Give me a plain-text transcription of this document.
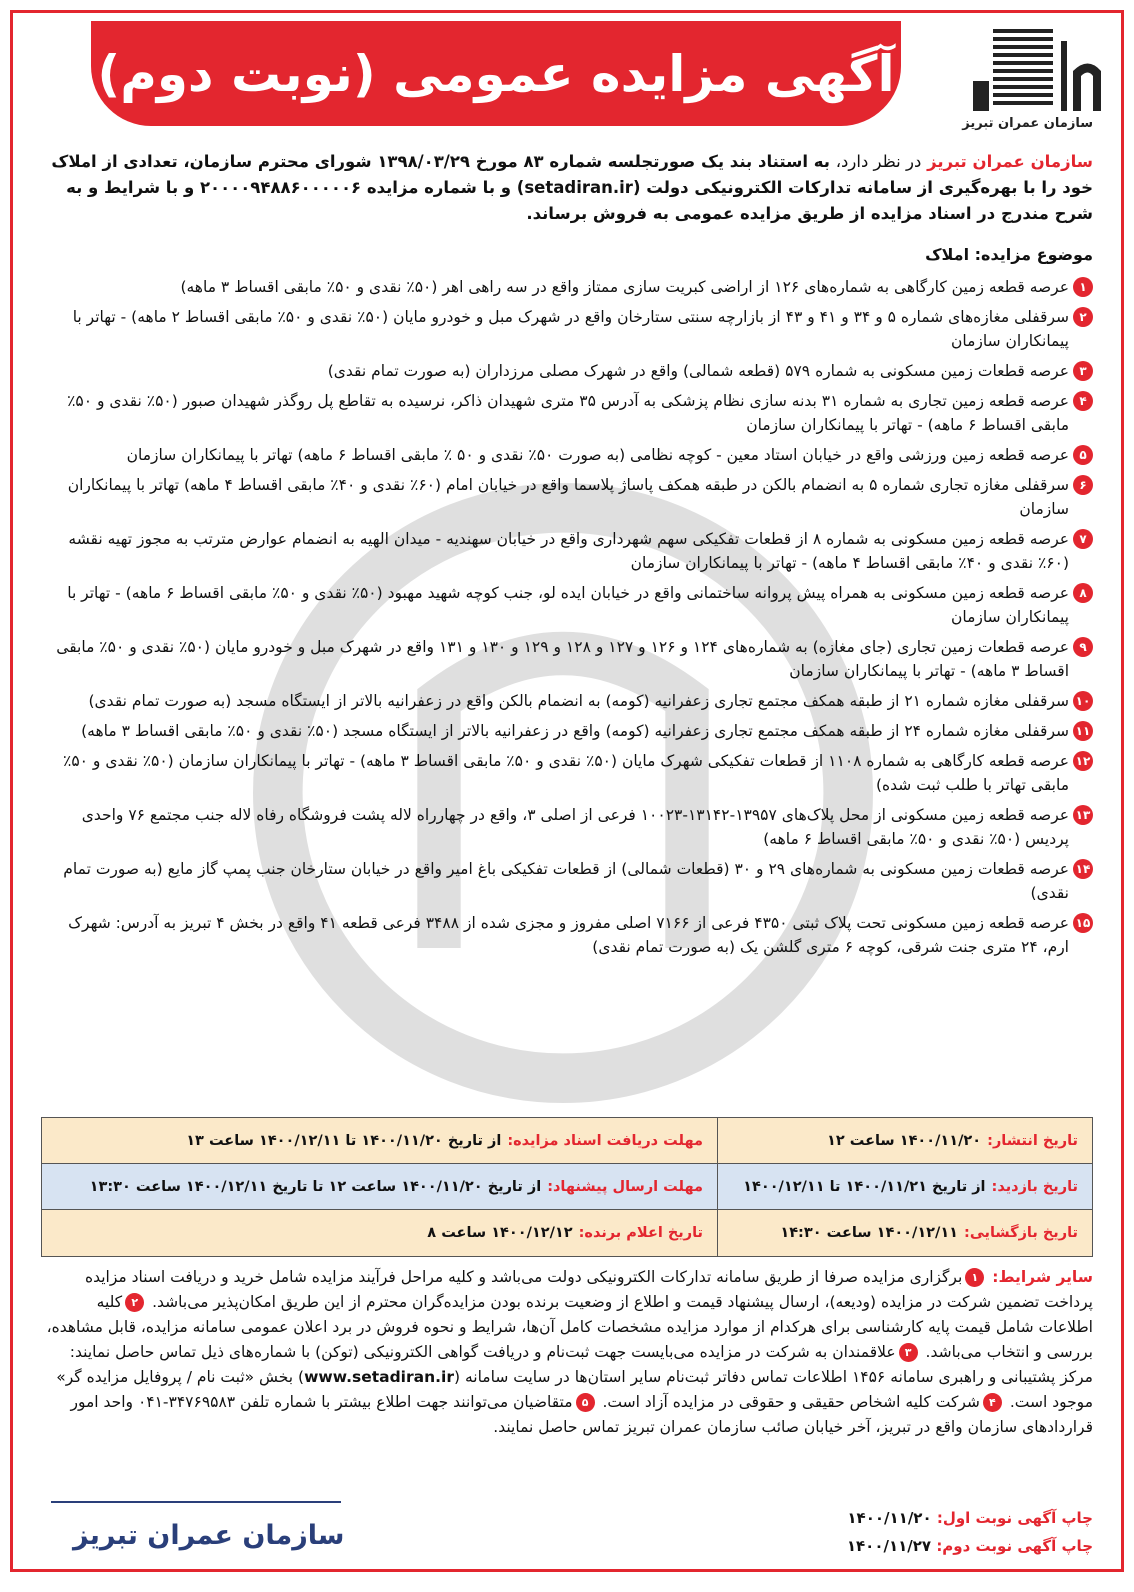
آگهی مزایده عمومی (نوبت دوم)
سازمان عمران تبریز
سازمان عمران تبریز در نظر دارد، به استناد بند یک صورتجلسه شماره ۸۳ مورخ ۱۳۹۸/۰۳/۲۹ شورای محترم سازمان، تعدادی از املاک خود را با بهره‌گیری از سامانه تدارکات الکترونیکی دولت (setadiran.ir) و با شماره مزایده ۲۰۰۰۰۹۴۸۸۶۰۰۰۰۰۶ و با شرایط و به شرح مندرج در اسناد مزایده از طریق مزایده عمومی به فروش برساند.
موضوع مزایده: املاک
۱
عرصه قطعه زمین کارگاهی به شماره‌های ۱۲۶ از اراضی کبریت سازی ممتاز واقع در سه راهی اهر (۵۰٪ نقدی و ۵۰٪ مابقی اقساط ۳ ماهه)
۲
سرقفلی مغازه‌های شماره ۵ و ۳۴ و ۴۱ و ۴۳ از بازارچه سنتی ستارخان واقع در شهرک مبل و خودرو مایان (۵۰٪ نقدی و ۵۰٪ مابقی اقساط ۲ ماهه) - تهاتر با پیمانکاران سازمان
۳
عرصه قطعات زمین مسکونی به شماره ۵۷۹ (قطعه شمالی) واقع در شهرک مصلی مرزداران (به صورت تمام نقدی)
۴
عرصه قطعه زمین تجاری به شماره ۳۱ بدنه سازی نظام پزشکی به آدرس ۳۵ متری شهیدان ذاکر، نرسیده به تقاطع پل روگذر شهیدان صبور (۵۰٪ نقدی و ۵۰٪ مابقی اقساط ۶ ماهه) - تهاتر با پیمانکاران سازمان
۵
عرصه قطعه زمین ورزشی واقع در خیابان استاد معین - کوچه نظامی (به صورت ۵۰٪ نقدی و ۵۰ ٪ مابقی اقساط ۶ ماهه) تهاتر با پیمانکاران سازمان
۶
سرقفلی مغازه تجاری شماره ۵ به انضمام بالکن در طبقه همکف پاساژ پلاسما واقع در خیابان امام (۶۰٪ نقدی و ۴۰٪ مابقی اقساط ۴ ماهه) تهاتر با پیمانکاران سازمان
۷
عرصه قطعه زمین مسکونی به شماره ۸ از قطعات تفکیکی سهم شهرداری واقع در خیابان سهندیه - میدان الهیه به انضمام عوارض مترتب به مجوز تهیه نقشه (۶۰٪ نقدی و ۴۰٪ مابقی اقساط ۴ ماهه) - تهاتر با پیمانکاران سازمان
۸
عرصه قطعه زمین مسکونی به همراه پیش پروانه ساختمانی واقع در خیابان ایده لو، جنب کوچه شهید مهبود (۵۰٪ نقدی و ۵۰٪ مابقی اقساط ۶ ماهه) - تهاتر با پیمانکاران سازمان
۹
عرصه قطعات زمین تجاری (جای مغازه) به شماره‌های ۱۲۴ و ۱۲۶ و ۱۲۷ و ۱۲۸ و ۱۲۹ و ۱۳۰ و ۱۳۱ واقع در شهرک مبل و خودرو مایان (۵۰٪ نقدی و ۵۰٪ مابقی اقساط ۳ ماهه) - تهاتر با پیمانکاران سازمان
۱۰
سرقفلی مغازه شماره ۲۱ از طبقه همکف مجتمع تجاری زعفرانیه (کومه) به انضمام بالکن واقع در زعفرانیه بالاتر از ایستگاه مسجد (به صورت تمام نقدی)
۱۱
سرقفلی مغازه شماره ۲۴ از طبقه همکف مجتمع تجاری زعفرانیه (کومه) واقع در زعفرانیه بالاتر از ایستگاه مسجد (۵۰٪ نقدی و ۵۰٪ مابقی اقساط ۳ ماهه)
۱۲
عرصه قطعه کارگاهی به شماره ۱۱۰۸ از قطعات تفکیکی شهرک مایان (۵۰٪ نقدی و ۵۰٪ مابقی اقساط ۳ ماهه) - تهاتر با پیمانکاران سازمان (۵۰٪ نقدی و ۵۰٪ مابقی تهاتر با طلب ثبت شده)
۱۳
عرصه قطعه زمین مسکونی از محل پلاک‌های ۱۳۹۵۷-۱۳۱۴۲-۱۰۰۲۳ فرعی از اصلی ۳، واقع در چهارراه لاله پشت فروشگاه رفاه لاله جنب مجتمع ۷۶ واحدی پردیس (۵۰٪ نقدی و ۵۰٪ مابقی اقساط ۶ ماهه)
۱۴
عرصه قطعات زمین مسکونی به شماره‌های ۲۹ و ۳۰ (قطعات شمالی) از قطعات تفکیکی باغ امیر واقع در خیابان ستارخان جنب پمپ گاز مایع (به صورت تمام نقدی)
۱۵
عرصه قطعه زمین مسکونی تحت پلاک ثبتی ۴۳۵۰ فرعی از ۷۱۶۶ اصلی مفروز و مجزی شده از ۳۴۸۸ فرعی قطعه ۴۱ واقع در بخش ۴ تبریز به آدرس: شهرک ارم، ۲۴ متری جنت شرقی، کوچه ۶ متری گلشن یک (به صورت تمام نقدی)
تاریخ انتشار:
۱۴۰۰/۱۱/۲۰ ساعت ۱۲
مهلت دریافت اسناد مزایده:
از تاریخ ۱۴۰۰/۱۱/۲۰ تا ۱۴۰۰/۱۲/۱۱ ساعت ۱۳
تاریخ بازدید:
از تاریخ ۱۴۰۰/۱۱/۲۱ تا ۱۴۰۰/۱۲/۱۱
مهلت ارسال پیشنهاد:
از تاریخ ۱۴۰۰/۱۱/۲۰ ساعت ۱۲ تا تاریخ ۱۴۰۰/۱۲/۱۱ ساعت ۱۳:۳۰
تاریخ بازگشایی:
۱۴۰۰/۱۲/۱۱ ساعت ۱۴:۳۰
تاریخ اعلام برنده:
۱۴۰۰/۱۲/۱۲ ساعت ۸
سایر شرایط: ۱برگزاری مزایده صرفا از طریق سامانه تدارکات الکترونیکی دولت می‌باشد و کلیه مراحل فرآیند مزایده شامل خرید و دریافت اسناد مزایده پرداخت تضمین شرکت در مزایده (ودیعه)، ارسال پیشنهاد قیمت و اطلاع از وضعیت برنده بودن مزایده‌گران محترم از این طریق امکان‌پذیر می‌باشد. ۲کلیه اطلاعات شامل قیمت پایه کارشناسی برای هرکدام از موارد مزایده مشخصات کامل آن‌ها، شرایط و نحوه فروش در برد اعلان عمومی سامانه مزایده، قابل مشاهده، بررسی و انتخاب می‌باشد. ۳علاقمندان به شرکت در مزایده می‌بایست جهت ثبت‌نام و دریافت گواهی الکترونیکی (توکن) با شماره‌های ذیل تماس حاصل نمایند: مرکز پشتیبانی و راهبری سامانه ۱۴۵۶ اطلاعات تماس دفاتر ثبت‌نام سایر استان‌ها در سایت سامانه (www.setadiran.ir) بخش «ثبت نام / پروفایل مزایده گر» موجود است. ۴شرکت کلیه اشخاص حقیقی و حقوقی در مزایده آزاد است. ۵متقاضیان می‌توانند جهت اطلاع بیشتر با شماره تلفن ۳۴۷۶۹۵۸۳-۰۴۱ واحد امور قراردادهای سازمان واقع در تبریز، آخر خیابان صائب سازمان عمران تبریز تماس حاصل نمایند.
چاپ آگهی نوبت اول: ۱۴۰۰/۱۱/۲۰
چاپ آگهی نوبت دوم: ۱۴۰۰/۱۱/۲۷
سازمان عمران تبریز
